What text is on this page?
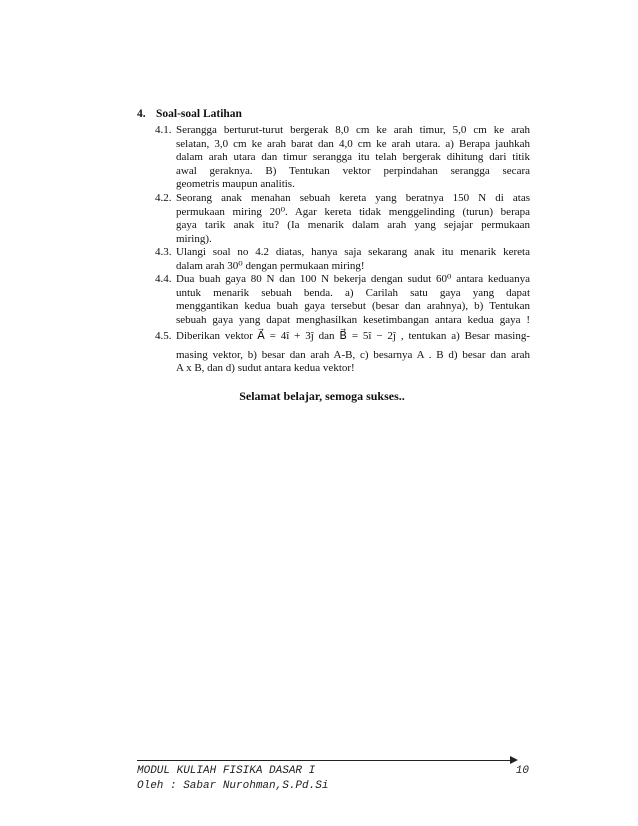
4. Soal-soal Latihan
4.1. Serangga berturut-turut bergerak 8,0 cm ke arah timur, 5,0 cm ke arah
selatan, 3,0 cm ke arah barat dan 4,0 cm ke arah utara. a) Berapa jauhkah
dalam arah utara dan timur serangga itu telah bergerak dihitung dari titik
awal geraknya. B) Tentukan vektor perpindahan serangga secara
geometris maupun analitis.
4.2. Seorang anak menahan sebuah kereta yang beratnya 150 N di atas
permukaan miring 20⁰. Agar kereta tidak menggelinding (turun) berapa
gaya tarik anak itu? (Ia menarik dalam arah yang sejajar permukaan
miring).
4.3. Ulangi soal no 4.2 diatas, hanya saja sekarang anak itu menarik kereta
dalam arah 30⁰ dengan permukaan miring!
4.4. Dua buah gaya 80 N dan 100 N bekerja dengan sudut 60⁰ antara keduanya
untuk menarik sebuah benda. a) Carilah satu gaya yang dapat
menggantikan kedua buah gaya tersebut (besar dan arahnya), b) Tentukan
sebuah gaya yang dapat menghasilkan kesetimbangan antara kedua gaya !
4.5. Diberikan vektor A⃗ = 4î + 3ĵ dan B⃗ = 5î − 2ĵ , tentukan a) Besar masing-
masing vektor, b) besar dan arah A-B, c) besarnya A . B d) besar dan arah
A x B, dan d) sudut antara kedua vektor!
Selamat belajar, semoga sukses..
MODUL KULIAH FISIKA DASAR I	10
Oleh : Sabar Nurohman,S.Pd.Si
